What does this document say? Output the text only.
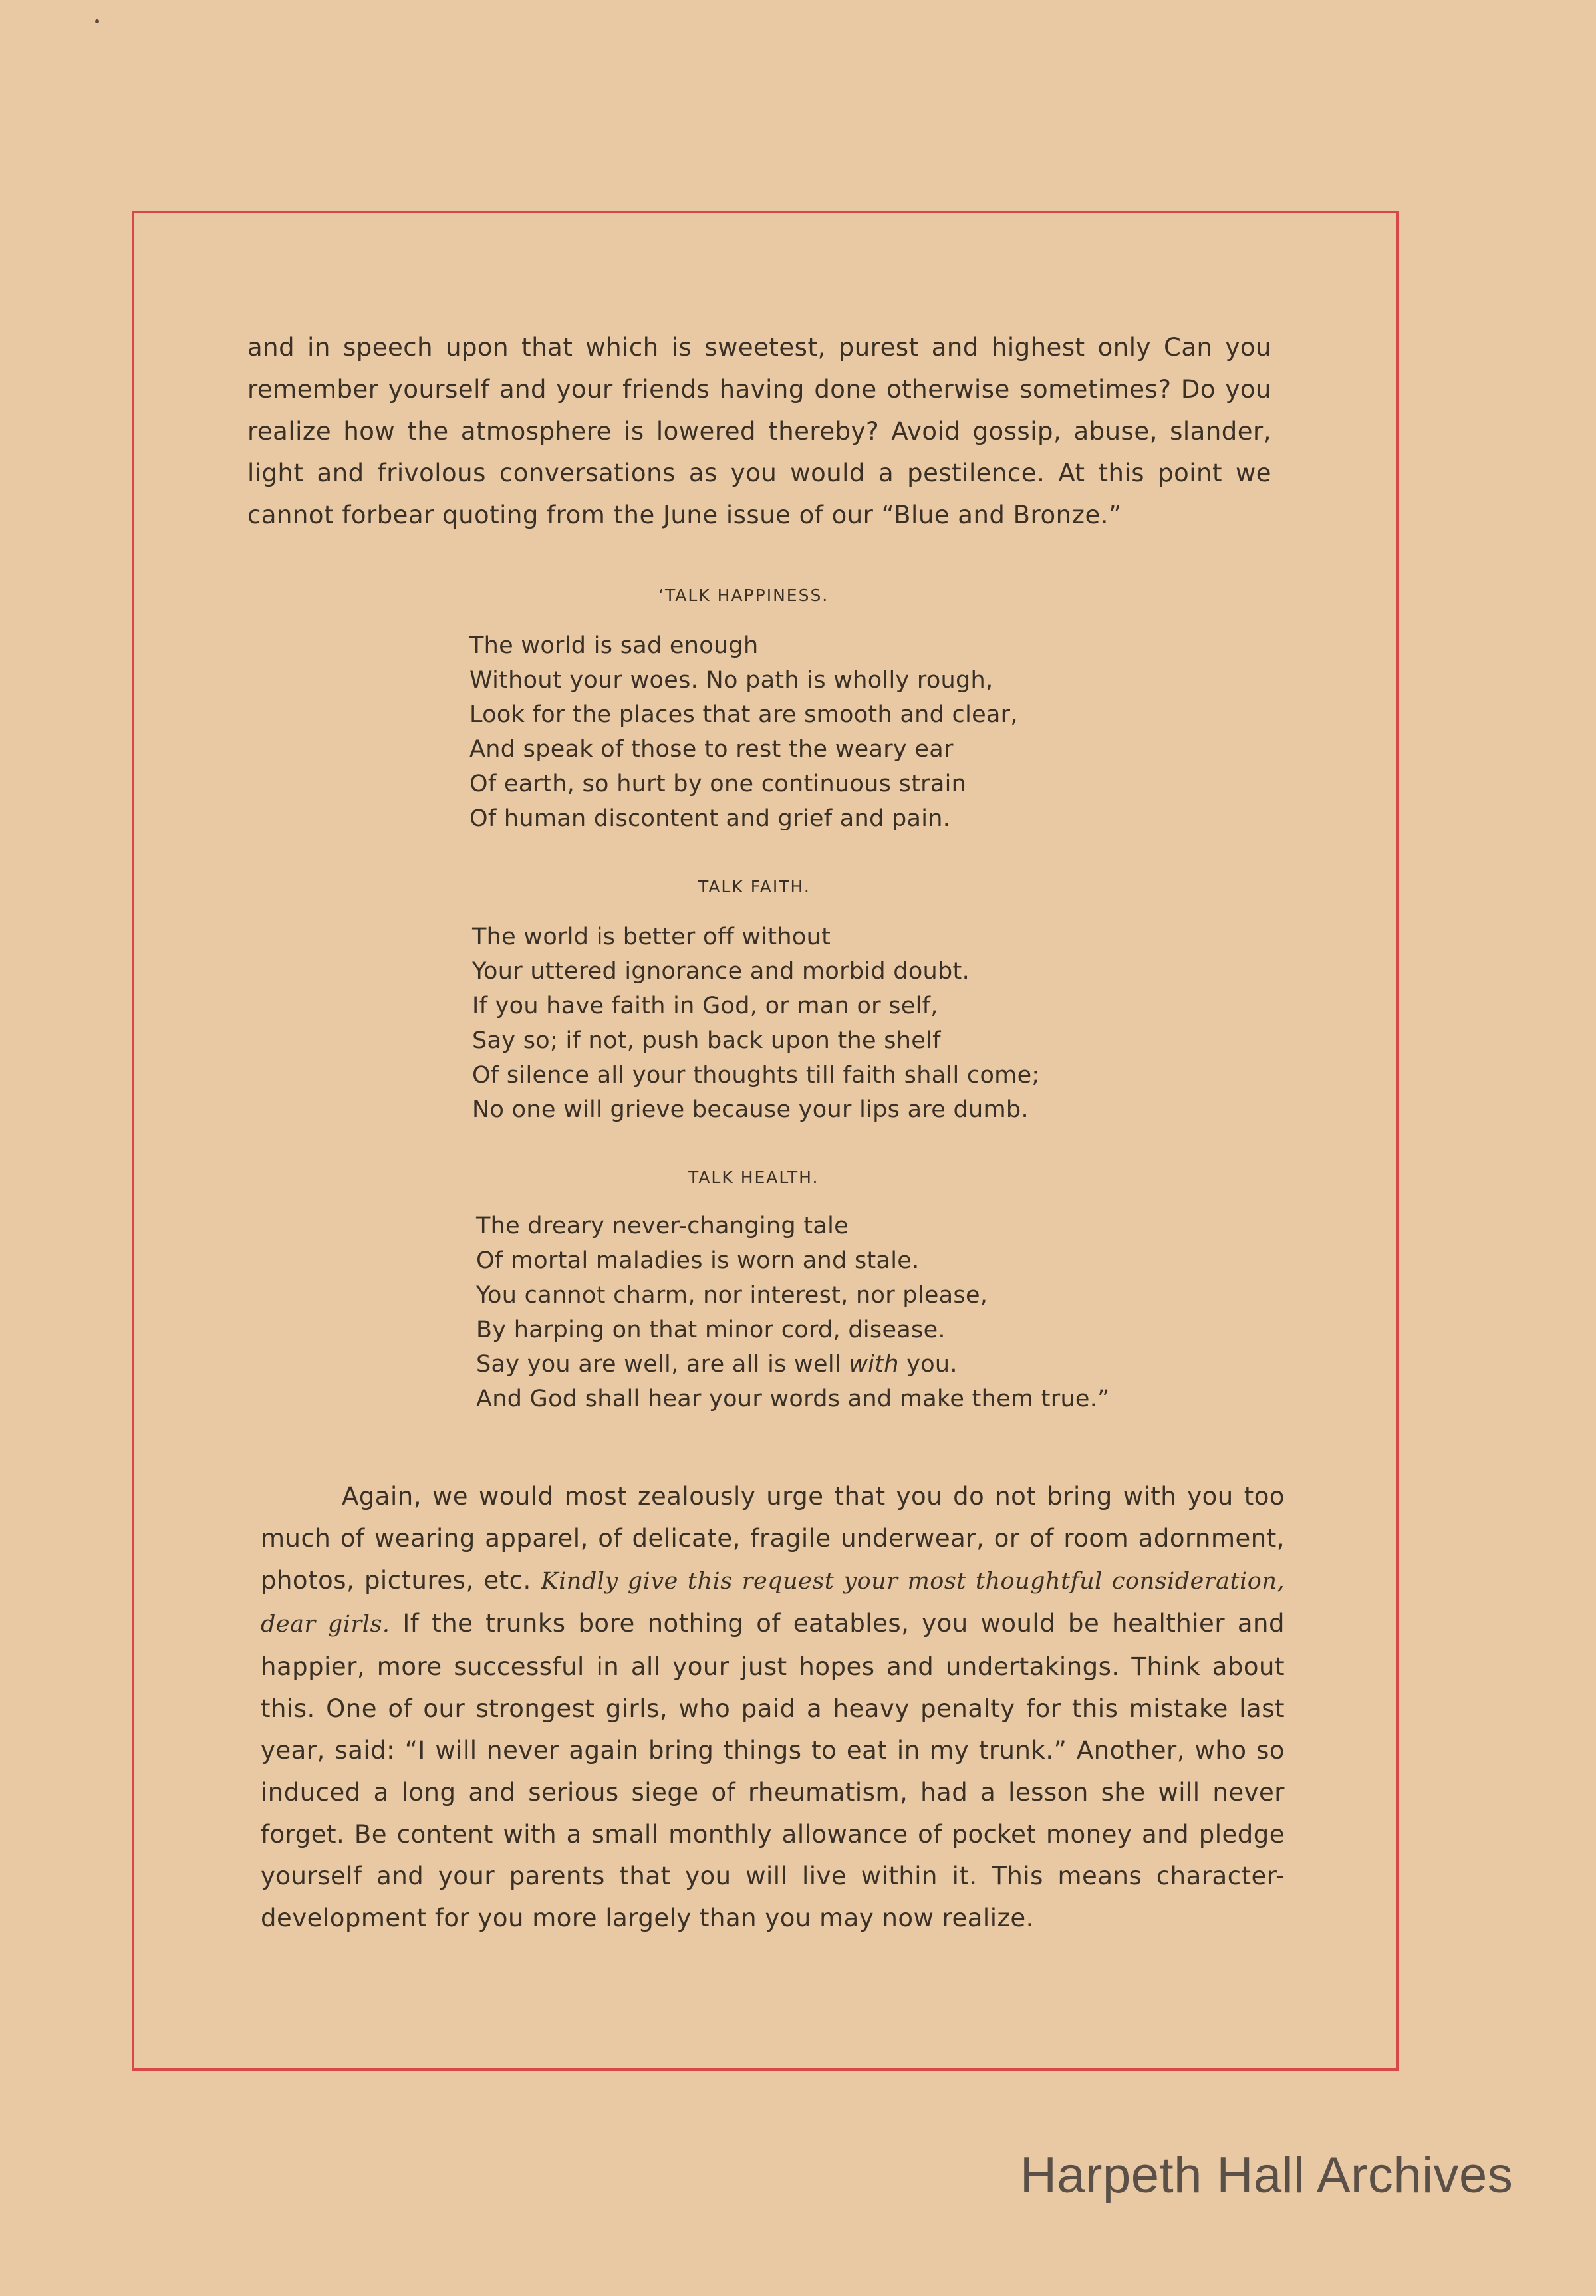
and in speech upon that which is sweetest, purest and highest only Can you remember yourself and your friends having done otherwise sometimes? Do you realize how the atmosphere is lowered thereby? Avoid gossip, abuse, slander, light and frivolous conversations as you would a pestilence. At this point we cannot forbear quoting from the June issue of our “Blue and Bronze.”

‘TALK HAPPINESS.

The world is sad enough
Without your woes. No path is wholly rough,
Look for the places that are smooth and clear,
And speak of those to rest the weary ear
Of earth, so hurt by one continuous strain
Of human discontent and grief and pain.

TALK FAITH.

The world is better off without
Your uttered ignorance and morbid doubt.
If you have faith in God, or man or self,
Say so; if not, push back upon the shelf
Of silence all your thoughts till faith shall come;
No one will grieve because your lips are dumb.

TALK HEALTH.

The dreary never-changing tale
Of mortal maladies is worn and stale.
You cannot charm, nor interest, nor please,
By harping on that minor cord, disease.
Say you are well, are all is well with you.
And God shall hear your words and make them true.”

Again, we would most zealously urge that you do not bring with you too much of wearing apparel, of delicate, fragile underwear, or of room adornment, photos, pictures, etc. Kindly give this request your most thoughtful consideration, dear girls. If the trunks bore nothing of eatables, you would be healthier and happier, more successful in all your just hopes and undertakings. Think about this. One of our strongest girls, who paid a heavy penalty for this mistake last year, said: “I will never again bring things to eat in my trunk.” Another, who so induced a long and serious siege of rheumatism, had a lesson she will never forget. Be content with a small monthly allowance of pocket money and pledge yourself and your parents that you will live within it. This means character-development for you more largely than you may now realize.

Harpeth Hall Archives
